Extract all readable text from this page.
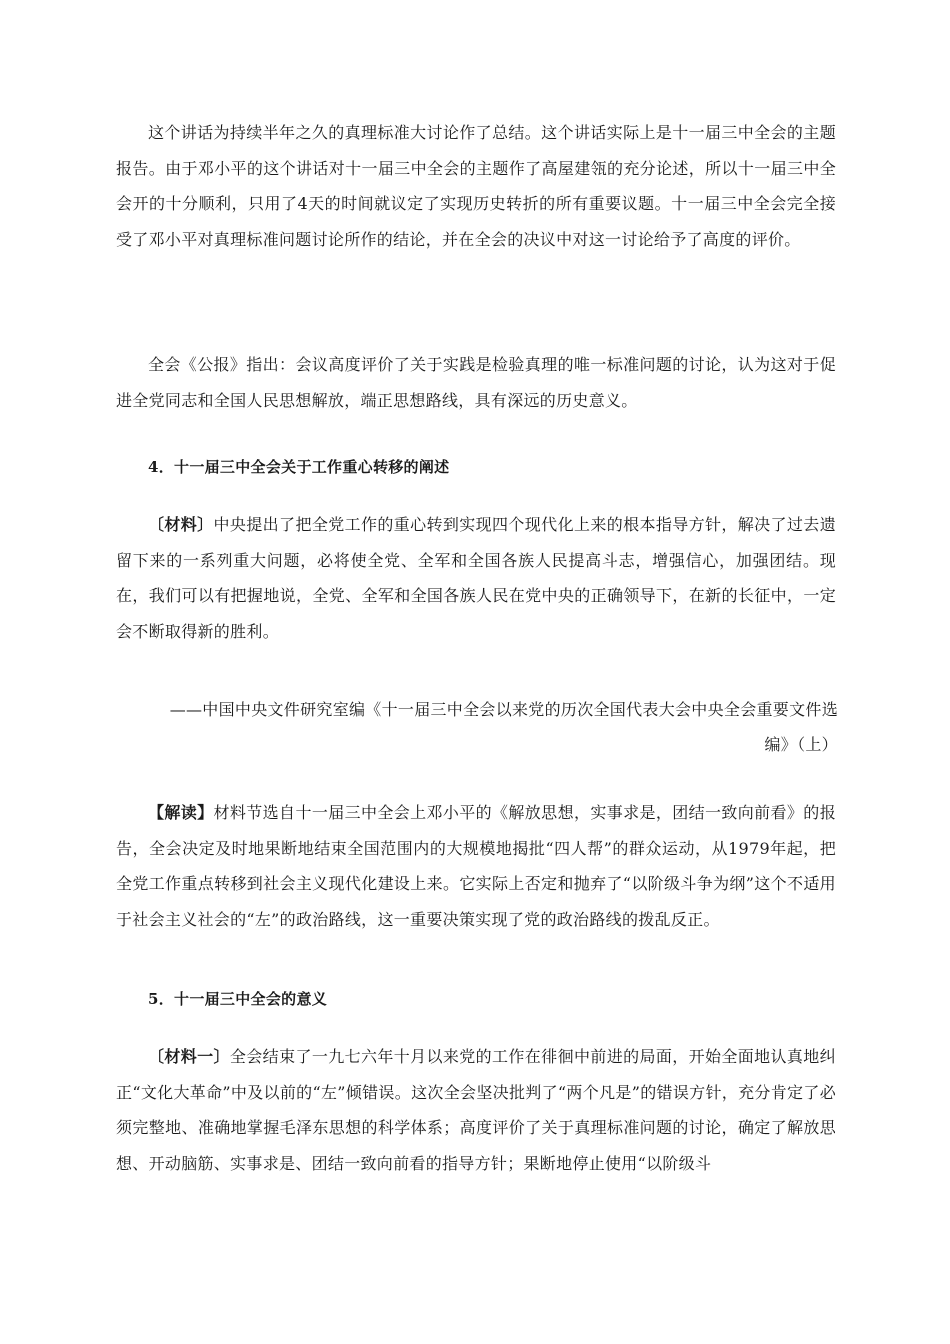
这个讲话为持续半年之久的真理标准大讨论作了总结。这个讲话实际上是十一届三中全会的主题报告。由于邓小平的这个讲话对十一届三中全会的主题作了高屋建瓴的充分论述，所以十一届三中全会开的十分顺利，只用了4天的时间就议定了实现历史转折的所有重要议题。十一届三中全会完全接受了邓小平对真理标准问题讨论所作的结论，并在全会的决议中对这一讨论给予了高度的评价。

全会《公报》指出：会议高度评价了关于实践是检验真理的唯一标准问题的讨论，认为这对于促进全党同志和全国人民思想解放，端正思想路线，具有深远的历史意义。

4．十一届三中全会关于工作重心转移的阐述

〔材料〕中央提出了把全党工作的重心转到实现四个现代化上来的根本指导方针，解决了过去遗留下来的一系列重大问题，必将使全党、全军和全国各族人民提高斗志，增强信心，加强团结。现在，我们可以有把握地说，全党、全军和全国各族人民在党中央的正确领导下，在新的长征中，一定会不断取得新的胜利。

——中国中央文件研究室编《十一届三中全会以来党的历次全国代表大会中央全会重要文件选

编》（上）

【解读】材料节选自十一届三中全会上邓小平的《解放思想，实事求是，团结一致向前看》的报告，全会决定及时地果断地结束全国范围内的大规模地揭批“四人帮”的群众运动，从1979年起，把全党工作重点转移到社会主义现代化建设上来。它实际上否定和抛弃了“以阶级斗争为纲”这个不适用于社会主义社会的“左”的政治路线，这一重要决策实现了党的政治路线的拨乱反正。

5．十一届三中全会的意义

〔材料一〕全会结束了一九七六年十月以来党的工作在徘徊中前进的局面，开始全面地认真地纠正“文化大革命”中及以前的“左”倾错误。这次全会坚决批判了“两个凡是”的错误方针，充分肯定了必须完整地、准确地掌握毛泽东思想的科学体系；高度评价了关于真理标准问题的讨论，确定了解放思想、开动脑筋、实事求是、团结一致向前看的指导方针；果断地停止使用“以阶级斗
